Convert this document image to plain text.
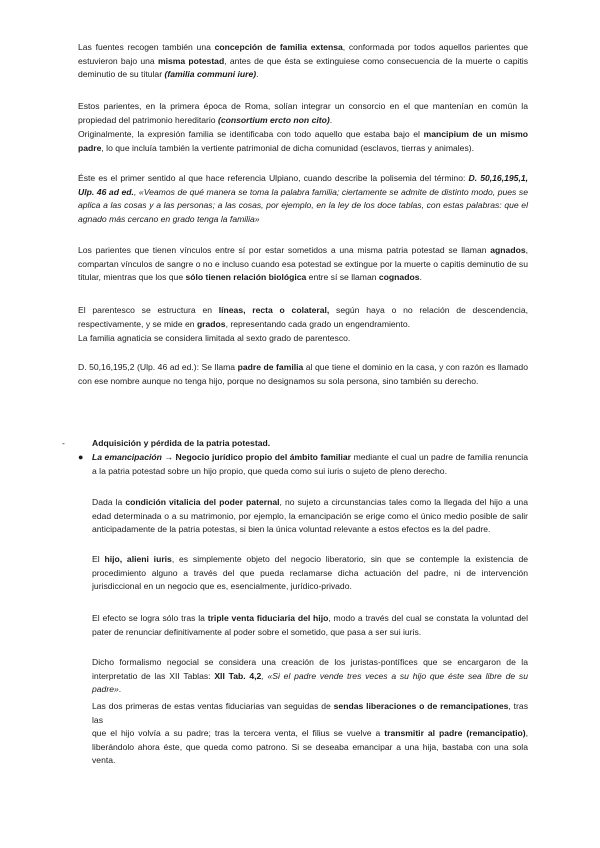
Las fuentes recogen también una concepción de familia extensa, conformada por todos aquellos parientes que estuvieron bajo una misma potestad, antes de que ésta se extinguiese como consecuencia de la muerte o capitis deminutio de su titular (familia communi iure).

Estos parientes, en la primera época de Roma, solían integrar un consorcio en el que mantenían en común la propiedad del patrimonio hereditario (consortium ercto non cito).

Originalmente, la expresión familia se identificaba con todo aquello que estaba bajo el mancipium de un mismo padre, lo que incluía también la vertiente patrimonial de dicha comunidad (esclavos, tierras y animales).

Éste es el primer sentido al que hace referencia Ulpiano, cuando describe la polisemia del término: D. 50,16,195,1, Ulp. 46 ad ed., «Veamos de qué manera se toma la palabra familia; ciertamente se admite de distinto modo, pues se aplica a las cosas y a las personas; a las cosas, por ejemplo, en la ley de los doce tablas, con estas palabras: que el agnado más cercano en grado tenga la familia»

Los parientes que tienen vínculos entre sí por estar sometidos a una misma patria potestad se llaman agnados, compartan vínculos de sangre o no e incluso cuando esa potestad se extingue por la muerte o capitis deminutio de su titular, mientras que los que sólo tienen relación biológica entre sí se llaman cognados.

El parentesco se estructura en líneas, recta o colateral, según haya o no relación de descendencia, respectivamente, y se mide en grados, representando cada grado un engendramiento.

La familia agnaticia se considera limitada al sexto grado de parentesco.

D. 50,16,195,2 (Ulp. 46 ad ed.): Se llama padre de familia al que tiene el dominio en la casa, y con razón es llamado con ese nombre aunque no tenga hijo, porque no designamos su sola persona, sino también su derecho.

-	Adquisición y pérdida de la patria potestad.
● La emancipación → Negocio jurídico propio del ámbito familiar mediante el cual un padre de familia renuncia a la patria potestad sobre un hijo propio, que queda como sui iuris o sujeto de pleno derecho.

Dada la condición vitalicia del poder paternal, no sujeto a circunstancias tales como la llegada del hijo a una edad determinada o a su matrimonio, por ejemplo, la emancipación se erige como el único medio posible de salir anticipadamente de la patria potestas, si bien la única voluntad relevante a estos efectos es la del padre.

El hijo, alieni iuris, es simplemente objeto del negocio liberatorio, sin que se contemple la existencia de procedimiento alguno a través del que pueda reclamarse dicha actuación del padre, ni de intervención jurisdiccional en un negocio que es, esencialmente, jurídico-privado.

El efecto se logra sólo tras la triple venta fiduciaria del hijo, modo a través del cual se constata la voluntad del pater de renunciar definitivamente al poder sobre el sometido, que pasa a ser sui iuris.

Dicho formalismo negocial se considera una creación de los juristas-pontífices que se encargaron de la interpretatio de las XII Tablas: XII Tab. 4,2, «Si el padre vende tres veces a su hijo que éste sea libre de su padre».

Las dos primeras de estas ventas fiduciarias van seguidas de sendas liberaciones o de remancipationes, tras las
que el hijo volvía a su padre; tras la tercera venta, el filius se vuelve a transmitir al padre (remancipatio), liberándolo ahora éste, que queda como patrono. Si se deseaba emancipar a una hija, bastaba con una sola venta.
